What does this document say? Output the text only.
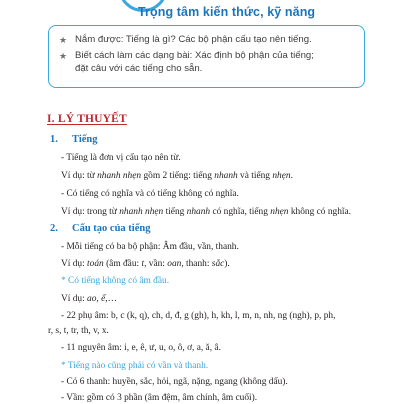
Trọng tâm kiến thức, kỹ năng
★ Nắm được: Tiếng là gì? Các bộ phận cấu tạo nên tiếng.
★ Biết cách làm các dạng bài: Xác định bộ phận của tiếng;
đặt câu với các tiếng cho sẵn.
I. LÝ THUYẾT
1. Tiếng
- Tiếng là đơn vị cấu tạo nên từ.
Ví dụ: từ nhanh nhẹn gồm 2 tiếng: tiếng nhanh và tiếng nhẹn.
- Có tiếng có nghĩa và có tiếng không có nghĩa.
Ví dụ: trong từ nhanh nhẹn tiếng nhanh có nghĩa, tiếng nhẹn không có nghĩa.
2. Cấu tạo của tiếng
- Mỗi tiếng có ba bộ phận: Âm đầu, vần, thanh.
Ví dụ: toán (âm đầu: t, vần: oan, thanh: sắc).
* Có tiếng không có âm đầu.
Ví dụ: ao, ế,…
- 22 phụ âm: b, c (k, q), ch, d, đ, g (gh), h, kh, l, m, n, nh, ng (ngh), p, ph,
r, s, t, tr, th, v, x.
- 11 nguyên âm: i, e, ê, ư, u, o, ô, ơ, a, ă, â.
* Tiếng nào cũng phải có vần và thanh.
- Có 6 thanh: huyền, sắc, hỏi, ngã, nặng, ngang (không dấu).
- Vần: gồm có 3 phần (âm đệm, âm chính, âm cuối).
